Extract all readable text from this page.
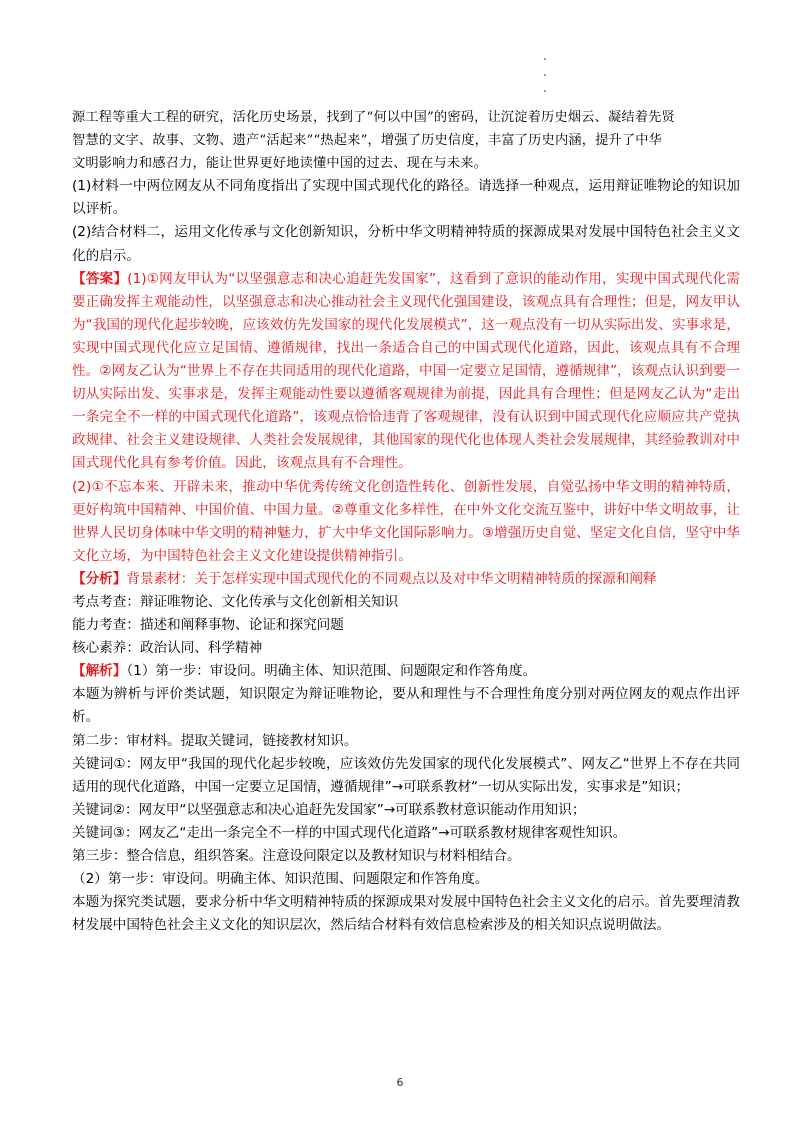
源工程等重大工程的研究，活化历史场景，找到了“何以中国”的密码，让沉淀着历史烟云、凝结着先贤

智慧的文字、故事、文物、遗产“活起来”“热起来”，增强了历史信度，丰富了历史内涵，提升了中华

文明影响力和感召力，能让世界更好地读懂中国的过去、现在与未来。

(1)材料一中两位网友从不同角度指出了实现中国式现代化的路径。请选择一种观点，运用辩证唯物论的知识加以评析。

(2)结合材料二，运用文化传承与文化创新知识，分析中华文明精神特质的探源成果对发展中国特色社会主义文化的启示。

【答案】(1)①网友甲认为“以坚强意志和决心追赶先发国家”，这看到了意识的能动作用，实现中国式现代化需要正确发挥主观能动性，以坚强意志和决心推动社会主义现代化强国建设，该观点具有合理性；但是，网友甲认为“我国的现代化起步较晚，应该效仿先发国家的现代化发展模式”，这一观点没有一切从实际出发、实事求是，实现中国式现代化应立足国情、遵循规律，找出一条适合自己的中国式现代化道路，因此，该观点具有不合理性。②网友乙认为“世界上不存在共同适用的现代化道路，中国一定要立足国情，遵循规律”，该观点认识到要一切从实际出发、实事求是，发挥主观能动性要以遵循客观规律为前提，因此具有合理性；但是网友乙认为“走出一条完全不一样的中国式现代化道路”，该观点恰恰违背了客观规律，没有认识到中国式现代化应顺应共产党执政规律、社会主义建设规律、人类社会发展规律，其他国家的现代化也体现人类社会发展规律，其经验教训对中国式现代化具有参考价值。因此，该观点具有不合理性。

(2)①不忘本来、开辟未来，推动中华优秀传统文化创造性转化、创新性发展，自觉弘扬中华文明的精神特质，更好构筑中国精神、中国价值、中国力量。②尊重文化多样性，在中外文化交流互鉴中，讲好中华文明故事，让世界人民切身体味中华文明的精神魅力，扩大中华文化国际影响力。③增强历史自觉、坚定文化自信，坚守中华文化立场，为中国特色社会主义文化建设提供精神指引。

【分析】背景素材：关于怎样实现中国式现代化的不同观点以及对中华文明精神特质的探源和阐释

考点考查：辩证唯物论、文化传承与文化创新相关知识

能力考查：描述和阐释事物、论证和探究问题

核心素养：政治认同、科学精神

【解析】（1）第一步：审设问。明确主体、知识范围、问题限定和作答角度。

本题为辨析与评价类试题，知识限定为辩证唯物论，要从和理性与不合理性角度分别对两位网友的观点作出评析。

第二步：审材料。提取关键词，链接教材知识。

关键词①：网友甲“我国的现代化起步较晚，应该效仿先发国家的现代化发展模式”、网友乙“世界上不存在共同适用的现代化道路，中国一定要立足国情，遵循规律”→可联系教材“一切从实际出发，实事求是”知识；

关键词②：网友甲“以坚强意志和决心追赶先发国家”→可联系教材意识能动作用知识；

关键词③：网友乙“走出一条完全不一样的中国式现代化道路”→可联系教材规律客观性知识。

第三步：整合信息，组织答案。注意设问限定以及教材知识与材料相结合。

（2）第一步：审设问。明确主体、知识范围、问题限定和作答角度。

本题为探究类试题，要求分析中华文明精神特质的探源成果对发展中国特色社会主义文化的启示。首先要理清教材发展中国特色社会主义文化的知识层次，然后结合材料有效信息检索涉及的相关知识点说明做法。

6
